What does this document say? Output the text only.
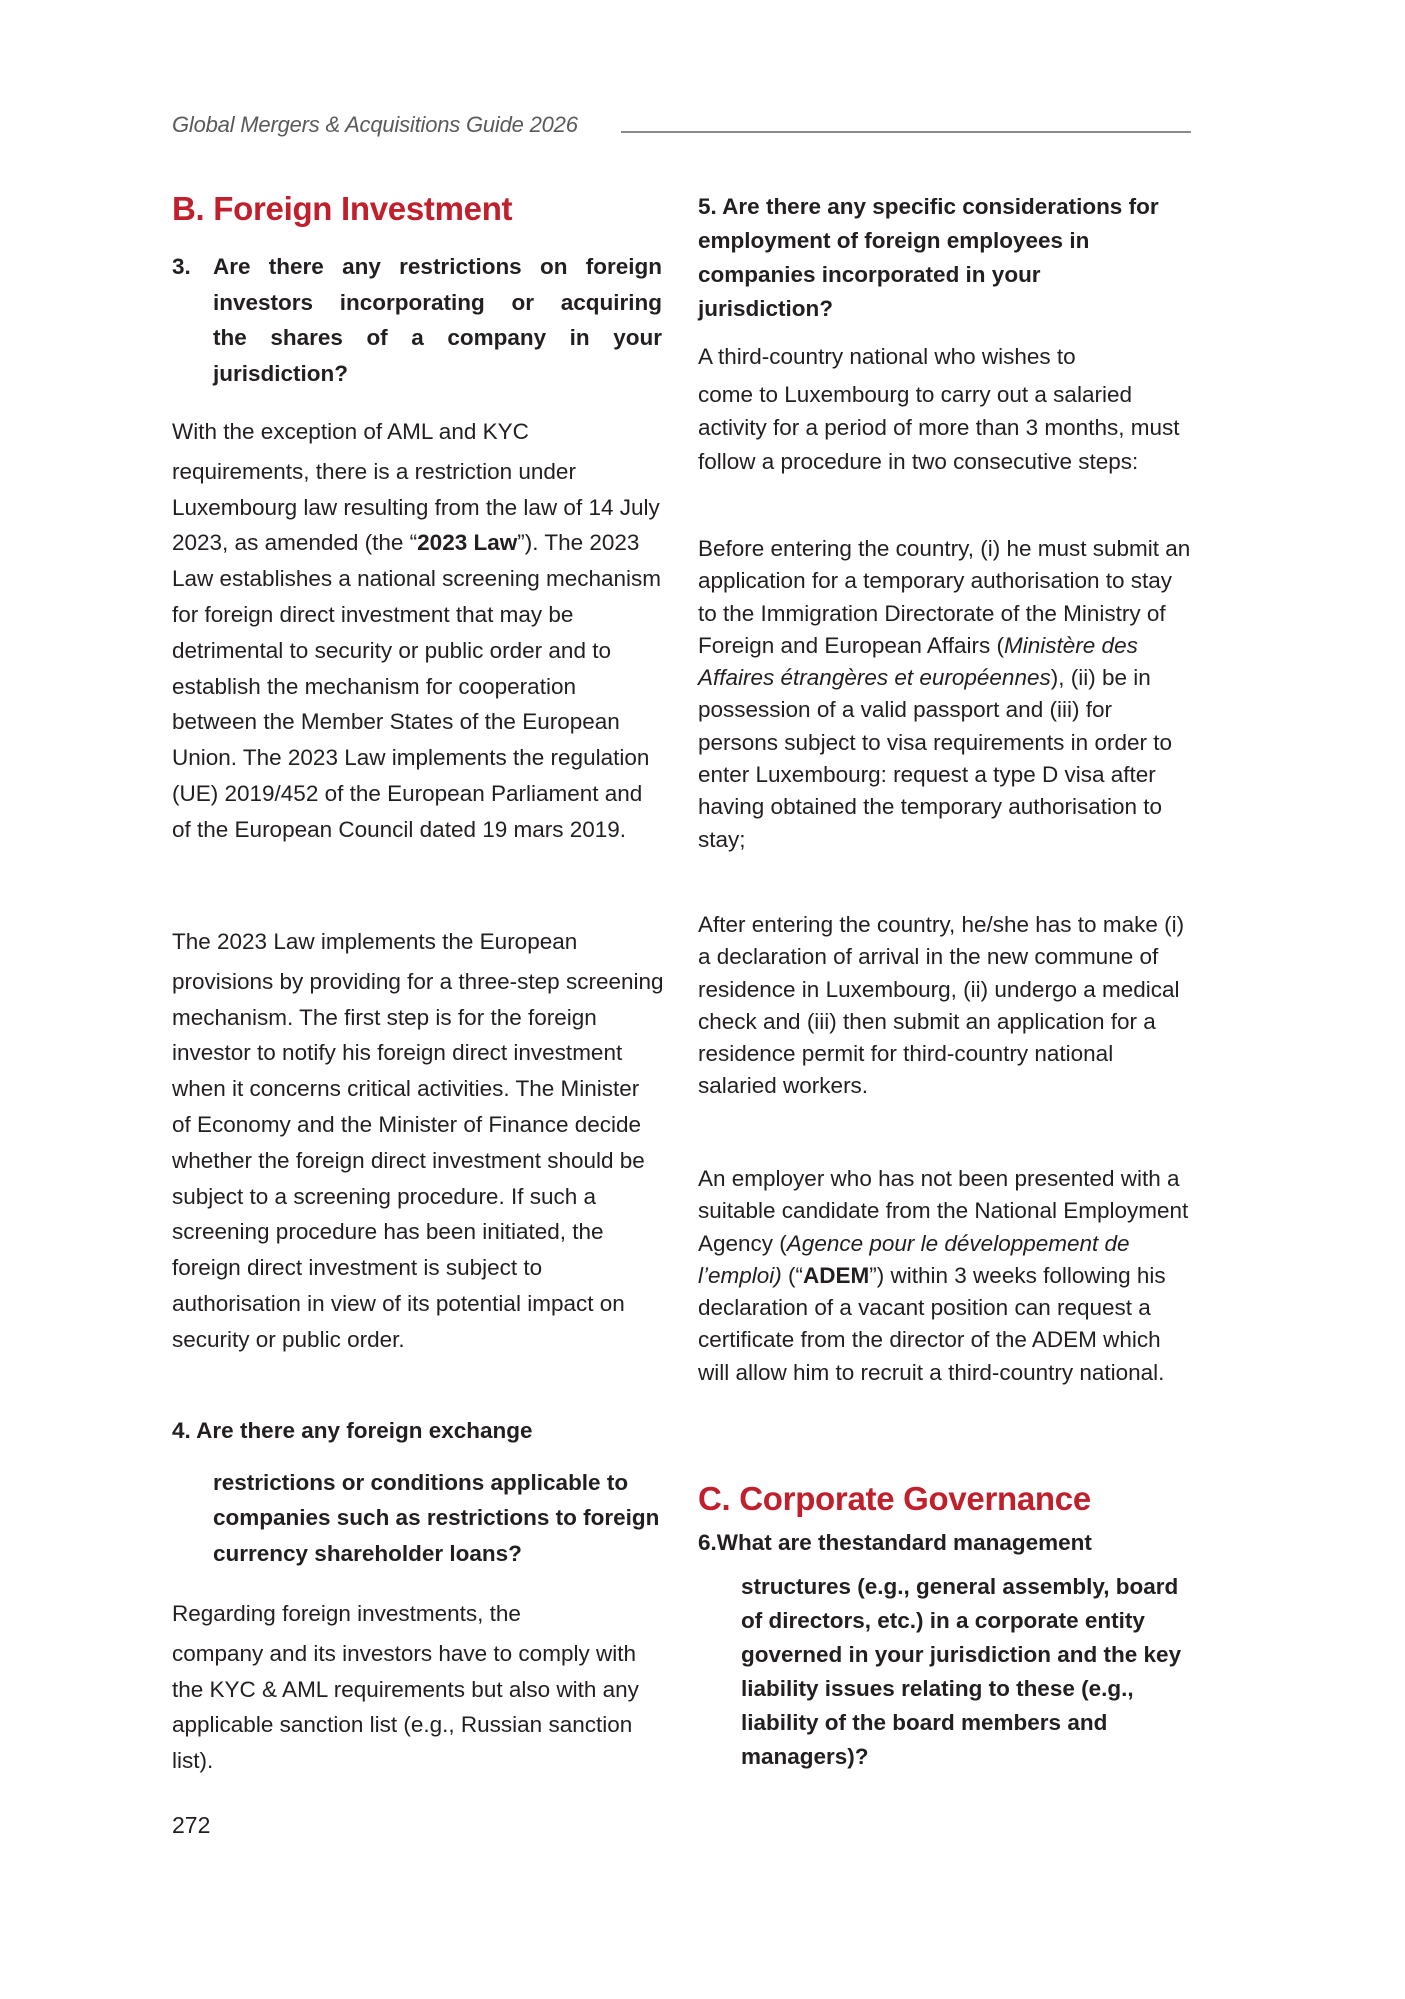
Global Mergers & Acquisitions Guide 2026
B. Foreign Investment
3. Are there any restrictions on foreign
investors incorporating or acquiring
the shares of a company in your
jurisdiction?
With the exception of AML and KYC
requirements, there is a restriction under Luxembourg law resulting from the law of 14 July 2023, as amended (the “2023 Law”). The 2023 Law establishes a national screening mechanism for foreign direct investment that may be detrimental to security or public order and to establish the mechanism for cooperation between the Member States of the European Union. The 2023 Law implements the regulation (UE) 2019/452 of the European Parliament and of the European Council dated 19 mars 2019.
The 2023 Law implements the European
provisions by providing for a three-step screening mechanism. The first step is for the foreign investor to notify his foreign direct investment when it concerns critical activities. The Minister of Economy and the Minister of Finance decide whether the foreign direct investment should be subject to a screening procedure. If such a screening procedure has been initiated, the foreign direct investment is subject to authorisation in view of its potential impact on security or public order.
4. Are there any foreign exchange
restrictions or conditions applicable to companies such as restrictions to foreign currency shareholder loans?
Regarding foreign investments, the
company and its investors have to comply with the KYC & AML requirements but also with any applicable sanction list (e.g., Russian sanction list).
5. Are there any specific considerations for employment of foreign employees in companies incorporated in your jurisdiction?
A third-country national who wishes to
come to Luxembourg to carry out a salaried activity for a period of more than 3 months, must follow a procedure in two consecutive steps:
Before entering the country, (i) he must submit an application for a temporary authorisation to stay to the Immigration Directorate of the Ministry of Foreign and European Affairs (Ministère des Affaires étrangères et européennes), (ii) be in possession of a valid passport and (iii) for persons subject to visa requirements in order to enter Luxembourg: request a type D visa after having obtained the temporary authorisation to stay;
After entering the country, he/she has to make (i) a declaration of arrival in the new commune of residence in Luxembourg, (ii) undergo a medical check and (iii) then submit an application for a residence permit for third-country national salaried workers.
An employer who has not been presented with a suitable candidate from the National Employment Agency (Agence pour le développement de l’emploi) (“ADEM”) within 3 weeks following his declaration of a vacant position can request a certificate from the director of the ADEM which will allow him to recruit a third-country national.
C. Corporate Governance
6.What are thestandard management
structures (e.g., general assembly, board of directors, etc.) in a corporate entity governed in your jurisdiction and the key liability issues relating to these (e.g., liability of the board members and managers)?
272
